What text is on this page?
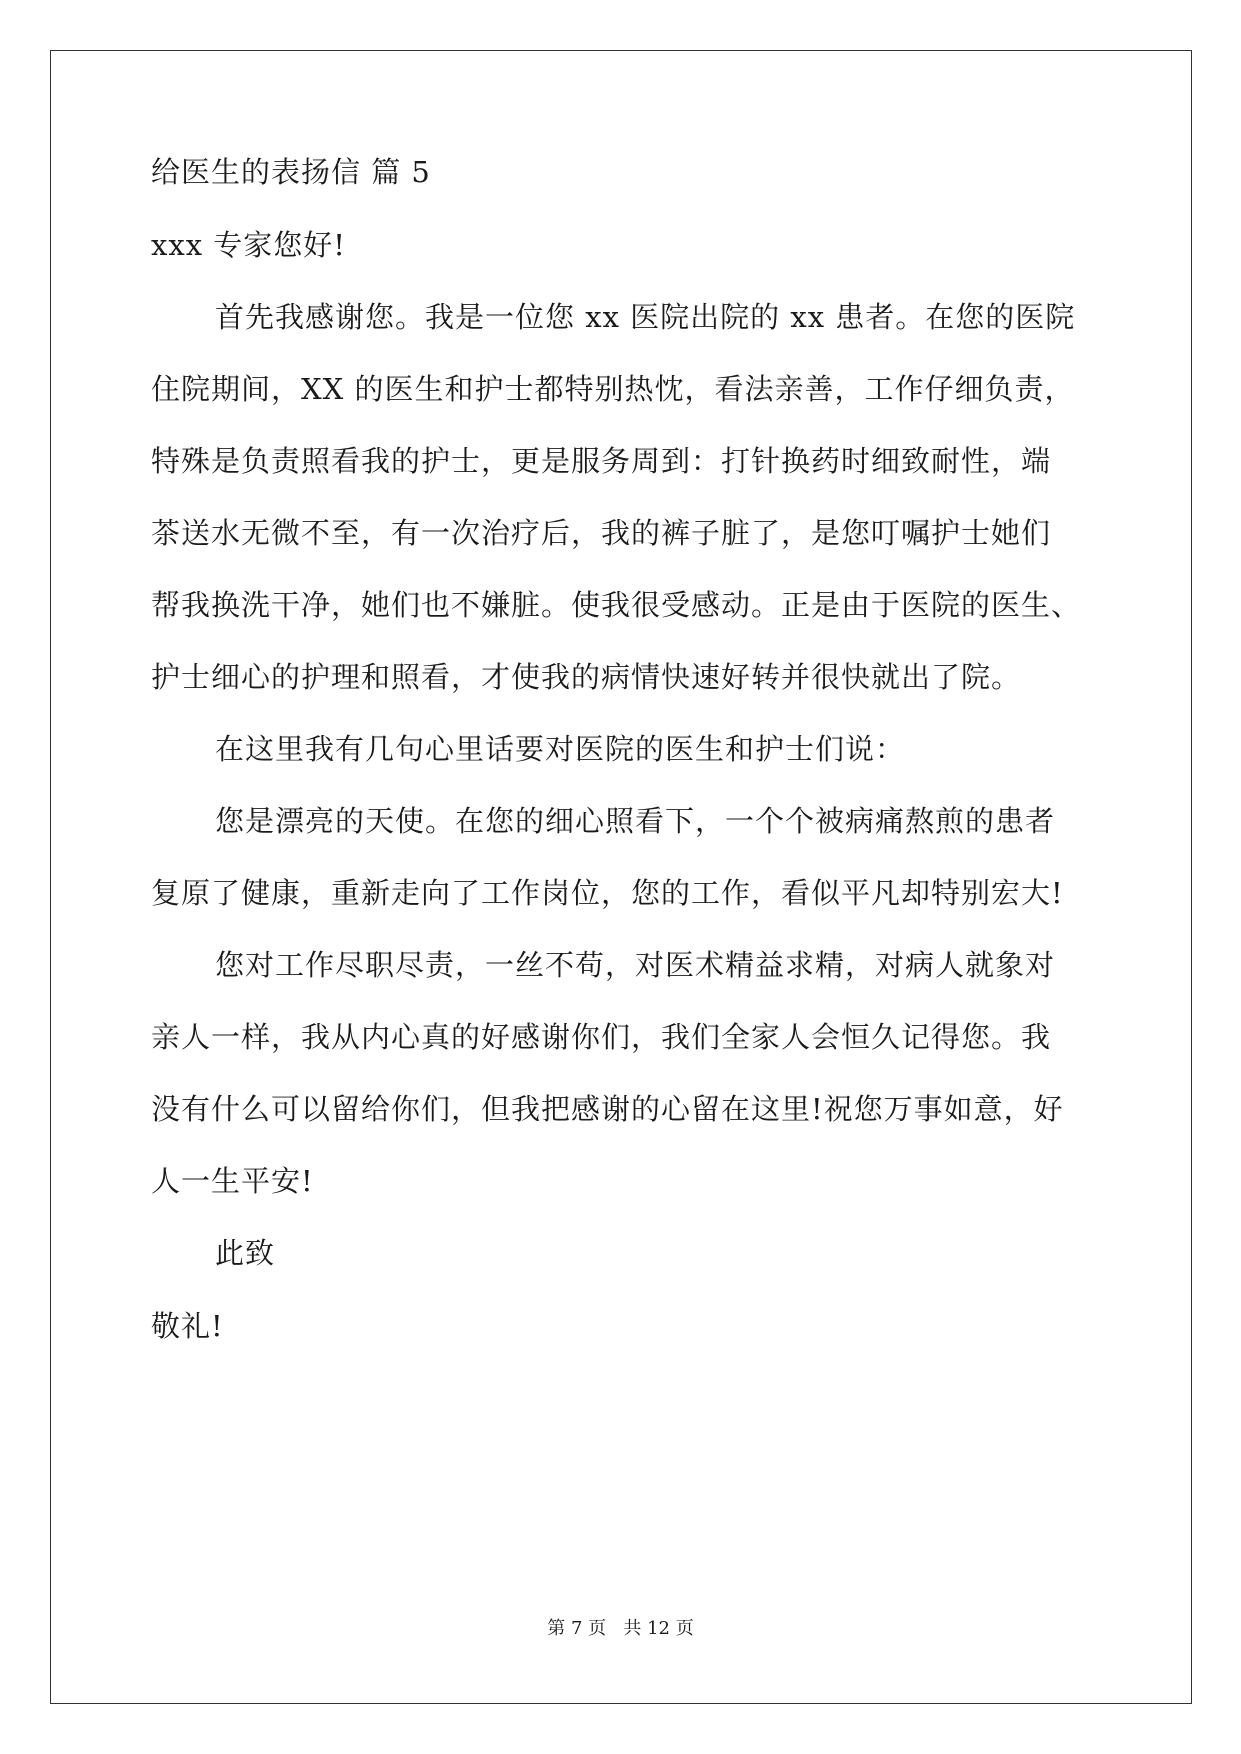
给医生的表扬信 篇 5
xxx 专家您好!
首先我感谢您。我是一位您 xx 医院出院的 xx 患者。在您的医院
住院期间，XX 的医生和护士都特别热忱，看法亲善，工作仔细负责，
特殊是负责照看我的护士，更是服务周到：打针换药时细致耐性，端
茶送水无微不至，有一次治疗后，我的裤子脏了，是您叮嘱护士她们
帮我换洗干净，她们也不嫌脏。使我很受感动。正是由于医院的医生、
护士细心的护理和照看，才使我的病情快速好转并很快就出了院。
在这里我有几句心里话要对医院的医生和护士们说：
您是漂亮的天使。在您的细心照看下，一个个被病痛熬煎的患者
复原了健康，重新走向了工作岗位，您的工作，看似平凡却特别宏大!
您对工作尽职尽责，一丝不苟，对医术精益求精，对病人就象对
亲人一样，我从内心真的好感谢你们，我们全家人会恒久记得您。我
没有什么可以留给你们，但我把感谢的心留在这里!祝您万事如意，好
人一生平安!
此致
敬礼!
第 7 页   共 12 页
